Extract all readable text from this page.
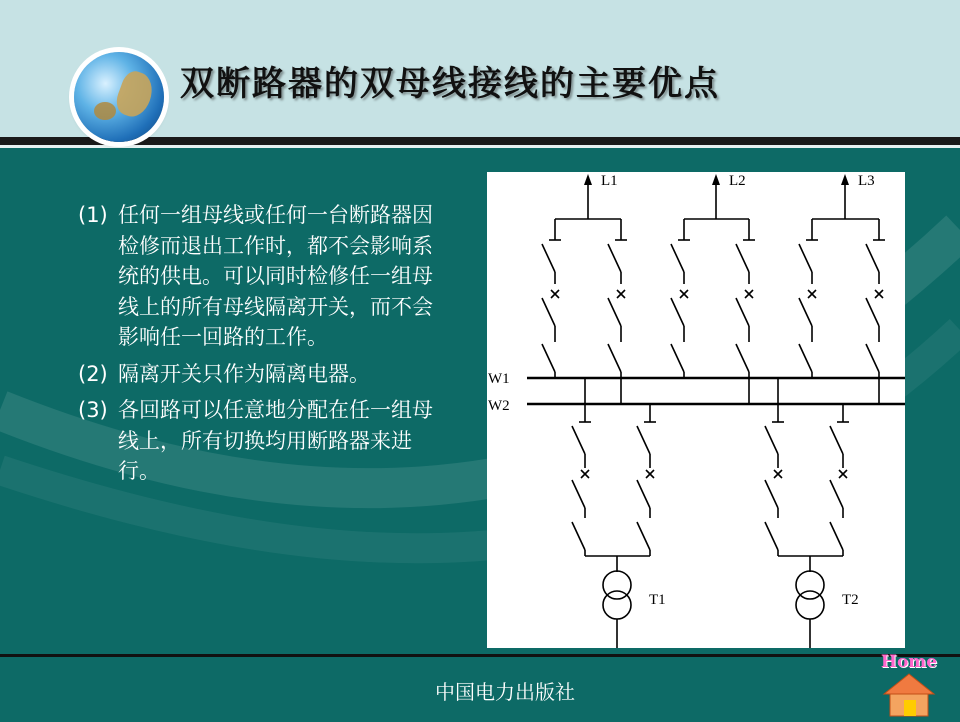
双断路器的双母线接线的主要优点
(1) 任何一组母线或任何一台断路器因检修而退出工作时，都不会影响系统的供电。可以同时检修任一组母线上的所有母线隔离开关，而不会影响任一回路的工作。
(2) 隔离开关只作为隔离电器。
(3) 各回路可以任意地分配在任一组母线上，所有切换均用断路器来进行。
L1	L2	L3
W1
W2
T1	T2
中国电力出版社
Home
